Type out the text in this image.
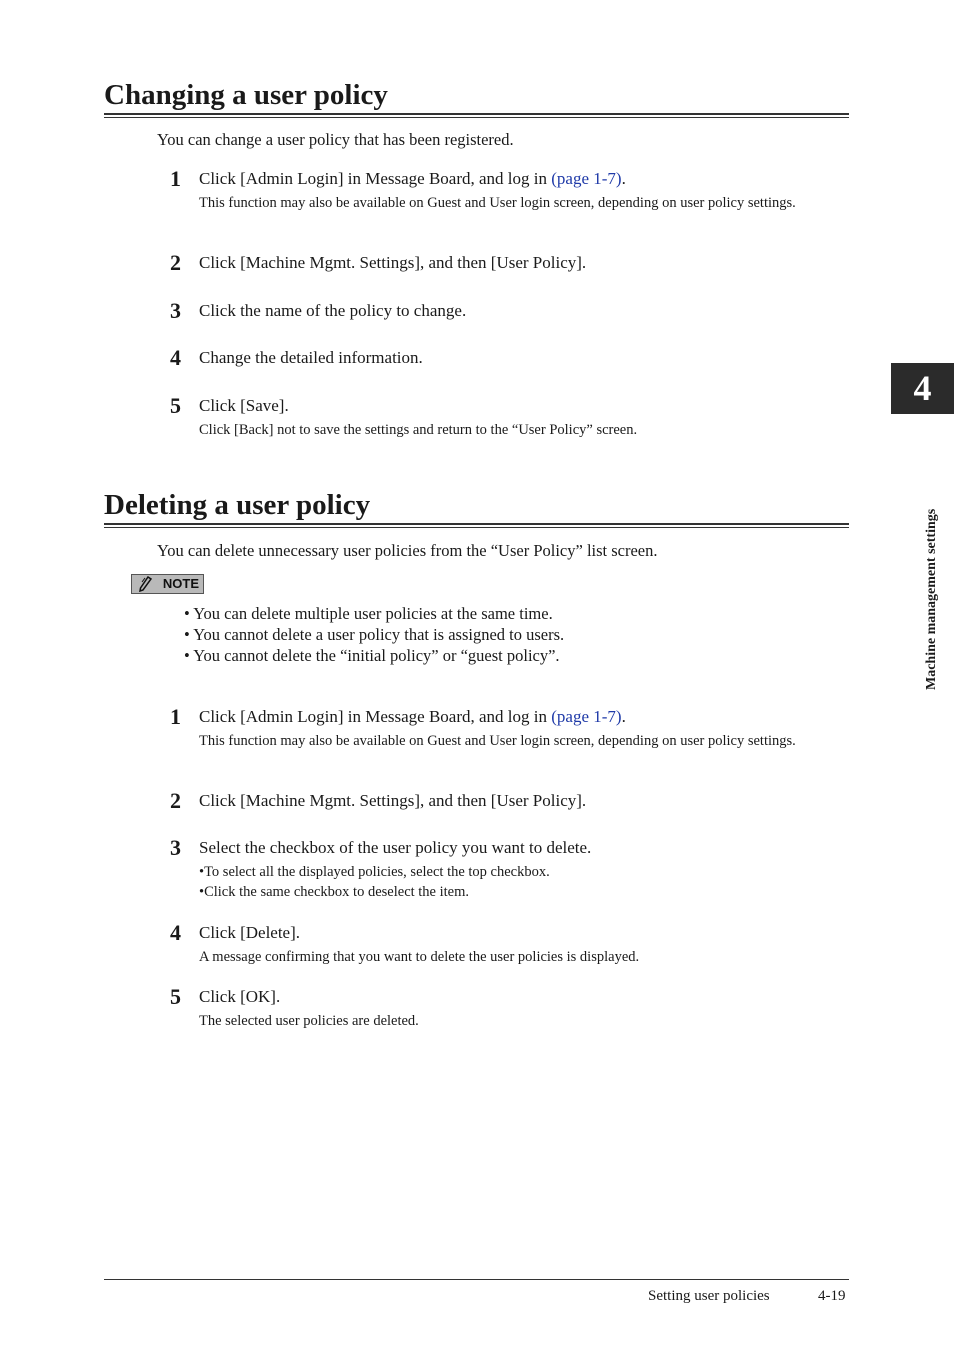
Changing a user policy
You can change a user policy that has been registered.
1	Click [Admin Login] in Message Board, and log in (page 1-7).
This function may also be available on Guest and User login screen, depending on user policy settings.
2	Click [Machine Mgmt. Settings], and then [User Policy].
3	Click the name of the policy to change.
4	Change the detailed information.
5	Click [Save].
Click [Back] not to save the settings and return to the “User Policy” screen.
Deleting a user policy
You can delete unnecessary user policies from the “User Policy” list screen.
NOTE
• You can delete multiple user policies at the same time.
• You cannot delete a user policy that is assigned to users.
• You cannot delete the “initial policy” or “guest policy”.
1	Click [Admin Login] in Message Board, and log in (page 1-7).
This function may also be available on Guest and User login screen, depending on user policy settings.
2	Click [Machine Mgmt. Settings], and then [User Policy].
3	Select the checkbox of the user policy you want to delete.
•To select all the displayed policies, select the top checkbox.
•Click the same checkbox to deselect the item.
4	Click [Delete].
A message confirming that you want to delete the user policies is displayed.
5	Click [OK].
The selected user policies are deleted.
4
Machine management settings
Setting user policies	4-19
